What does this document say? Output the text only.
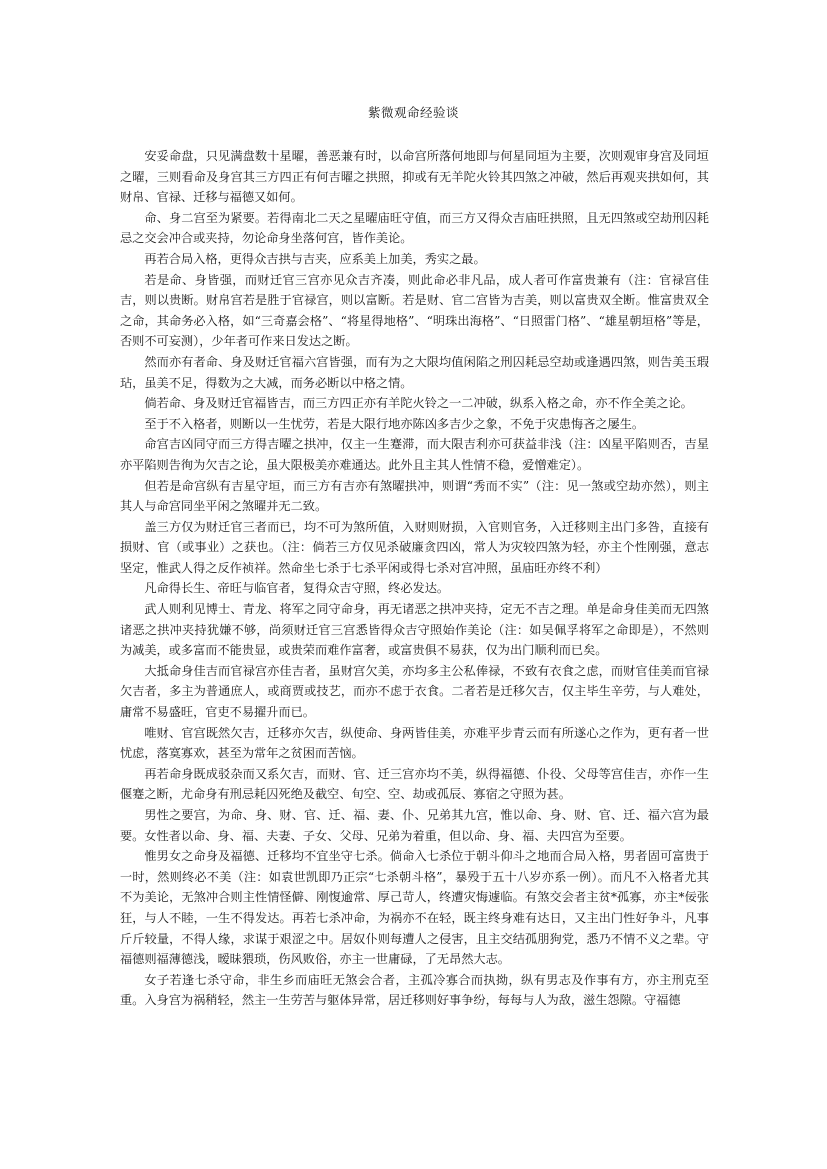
紫微观命经验谈

安妥命盘，只见满盘数十星曜，善恶兼有时，以命宫所落何地即与何星同垣为主要，次则观审身宫及同垣之曜，三则看命及身宫其三方四正有何吉曜之拱照，抑或有无羊陀火铃其四煞之冲破，然后再观夹拱如何，其财帛、官禄、迁移与福德又如何。

命、身二宫至为紧要。若得南北二天之星曜庙旺守值，而三方又得众吉庙旺拱照，且无四煞或空劫刑囚耗忌之交会冲合或夹持，勿论命身坐落何宫，皆作美论。

再若合局入格，更得众吉拱与吉夹，应系美上加美，秀实之最。

若是命、身皆强，而财迁官三宫亦见众吉齐凑，则此命必非凡品，成人者可作富贵兼有（注：官禄宫佳吉，则以贵断。财帛宫若是胜于官禄宫，则以富断。若是财、官二宫皆为吉美，则以富贵双全断。惟富贵双全之命，其命务必入格，如“三奇嘉会格”、“将星得地格”、“明珠出海格”、“日照雷门格”、“雄星朝垣格”等是，否则不可妄测），少年者可作来日发达之断。

然而亦有者命、身及财迁官福六宫皆强，而有为之大限均值闲陷之刑囚耗忌空劫或逢遇四煞，则告美玉瑕玷，虽美不足，得数为之大减，而务必断以中格之情。

倘若命、身及财迁官福皆吉，而三方四正亦有羊陀火铃之一二冲破，纵系入格之命，亦不作全美之论。

至于不入格者，则断以一生忧劳，若是大限行地亦陈凶多吉少之象，不免于灾患悔吝之屡生。

命宫吉凶同守而三方得吉曜之拱冲，仅主一生蹇滞，而大限吉利亦可获益非浅（注：凶星平陷则否，吉星亦平陷则告徇为欠吉之论，虽大限极美亦难通达。此外且主其人性情不稳，爱憎难定）。

但若是命宫纵有吉星守垣，而三方有吉亦有煞曜拱冲，则谓“秀而不实”（注：见一煞或空劫亦然），则主其人与命宫同坐平闲之煞曜并无二致。

盖三方仅为财迁官三者而已，均不可为煞所值，入财则财损，入官则官务，入迁移则主出门多咎，直接有损财、官（或事业）之获也。（注：倘若三方仅见杀破廉贪四凶，常人为灾较四煞为轻，亦主个性刚强，意志坚定，惟武人得之反作祯祥。然命坐七杀于七杀平闲或得七杀对宫冲照，虽庙旺亦终不利）

凡命得长生、帝旺与临官者，复得众吉守照，终必发达。

武人则利见博士、青龙、将军之同守命身，再无诸恶之拱冲夹持，定无不吉之理。单是命身佳美而无四煞诸恶之拱冲夹持犹嫌不够，尚须财迁官三宫悉皆得众吉守照始作美论（注：如吴佩孚将军之命即是），不然则为减美，或多富而不能贵显，或贵荣而难作富奢，或富贵俱不易获，仅为出门顺利而已矣。

大抵命身佳吉而官禄宫亦佳吉者，虽财宫欠美，亦均多主公私俸禄，不致有衣食之虑，而财官佳美而官禄欠吉者，多主为普通庶人，或商贾或技艺，而亦不虑于衣食。二者若是迁移欠吉，仅主毕生辛劳，与人难处，庸常不易盛旺，官吏不易擢升而已。

唯财、官宫既然欠吉，迁移亦欠吉，纵使命、身两皆佳美，亦难平步青云而有所遂心之作为，更有者一世忧虑，落寞寡欢，甚至为常年之贫困而苦恼。

再若命身既成驳杂而又系欠吉，而财、官、迁三宫亦均不美，纵得福德、仆役、父母等宫佳吉，亦作一生偃蹇之断，尤命身有刑忌耗囚死绝及截空、旬空、空、劫或孤辰、寡宿之守照为甚。

男性之要宫，为命、身、财、官、迁、福、妻、仆、兄弟其九宫，惟以命、身、财、官、迁、福六宫为最要。女性者以命、身、福、夫妻、子女、父母、兄弟为着重，但以命、身、福、夫四宫为至要。

惟男女之命身及福德、迁移均不宜坐守七杀。倘命入七杀位于朝斗仰斗之地而合局入格，男者固可富贵于一时，然则终必不美（注：如袁世凯即乃正宗“七杀朝斗格”，暴殁于五十八岁亦系一例）。而凡不入格者尤其不为美论，无煞冲合则主性情怪僻、刚愎逾常、厚己苛人，终遭灾悔遽临。有煞交会者主贫*孤寡，亦主*佞张狂，与人不睦，一生不得发达。再若七杀冲命，为祸亦不在轻，既主终身难有达日，又主出门性好争斗，凡事斤斤较量，不得人缘，求谋于艰涩之中。居奴仆则每遭人之侵害，且主交结孤朋狗党，悉乃不情不义之辈。守福德则福薄德浅，暧昧猥琐，伤风败俗，亦主一世庸碌，了无昂然大志。

女子若逢七杀守命，非生乡而庙旺无煞会合者，主孤冷寡合而执拗，纵有男志及作事有方，亦主刑克至重。入身宫为祸稍轻，然主一生劳苦与躯体异常，居迁移则好事争纷，每每与人为敌，滋生怨隙。守福德
